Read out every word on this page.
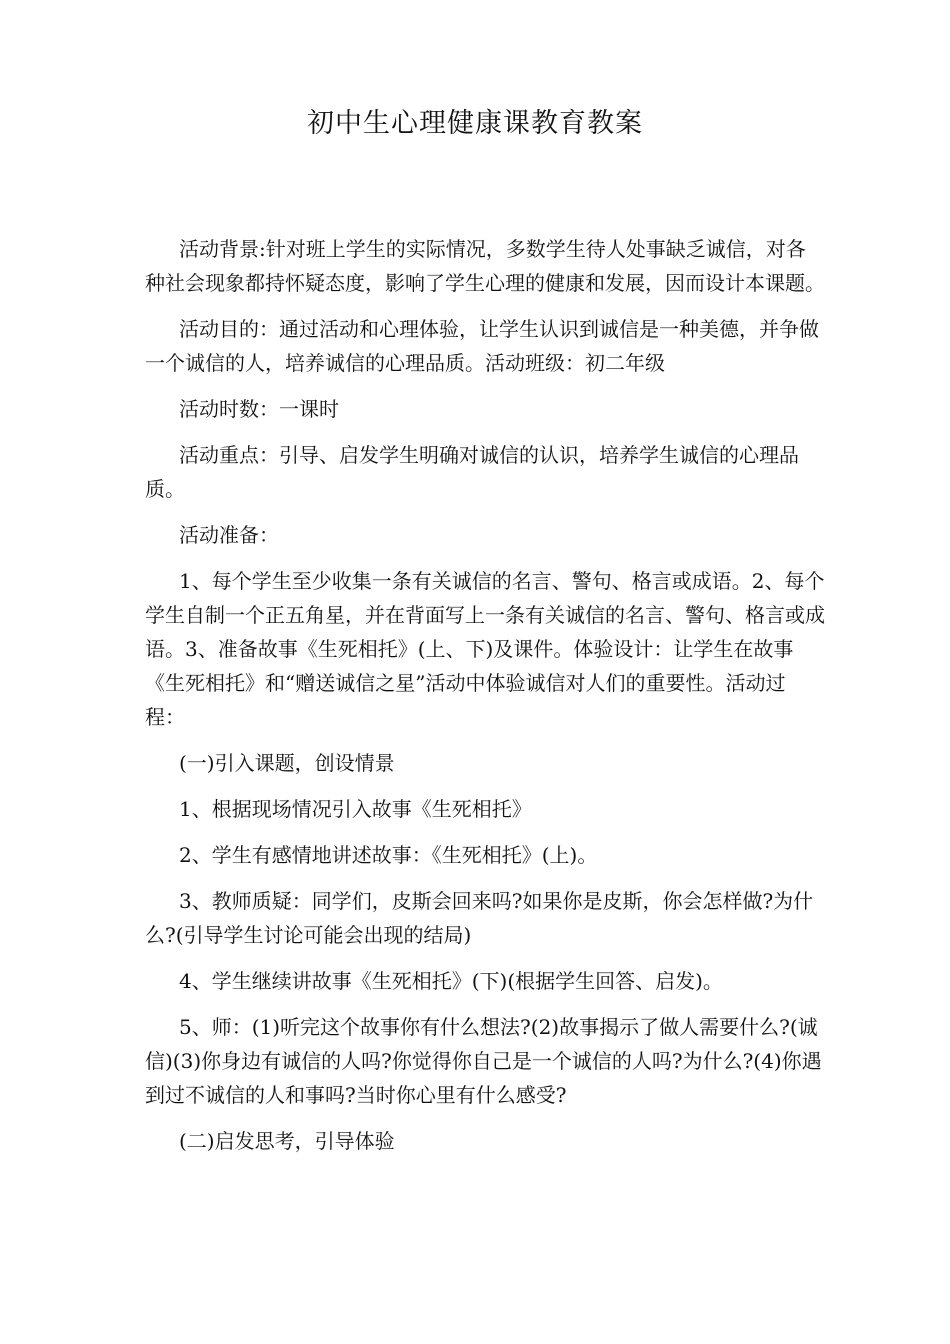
初中生心理健康课教育教案

活动背景:针对班上学生的实际情况，多数学生待人处事缺乏诚信，对各种社会现象都持怀疑态度，影响了学生心理的健康和发展，因而设计本课题。

活动目的：通过活动和心理体验，让学生认识到诚信是一种美德，并争做一个诚信的人，培养诚信的心理品质。活动班级：初二年级

活动时数：一课时

活动重点：引导、启发学生明确对诚信的认识，培养学生诚信的心理品质。

活动准备：

1、每个学生至少收集一条有关诚信的名言、警句、格言或成语。2、每个学生自制一个正五角星，并在背面写上一条有关诚信的名言、警句、格言或成语。3、准备故事《生死相托》(上、下)及课件。体验设计：让学生在故事《生死相托》和“赠送诚信之星”活动中体验诚信对人们的重要性。活动过程：

(一)引入课题，创设情景

1、根据现场情况引入故事《生死相托》

2、学生有感情地讲述故事：《生死相托》(上)。

3、教师质疑：同学们，皮斯会回来吗?如果你是皮斯，你会怎样做?为什么?(引导学生讨论可能会出现的结局)

4、学生继续讲故事《生死相托》(下)(根据学生回答、启发)。

5、师：(1)听完这个故事你有什么想法?(2)故事揭示了做人需要什么?(诚信)(3)你身边有诚信的人吗?你觉得你自己是一个诚信的人吗?为什么?(4)你遇到过不诚信的人和事吗?当时你心里有什么感受?

(二)启发思考，引导体验
